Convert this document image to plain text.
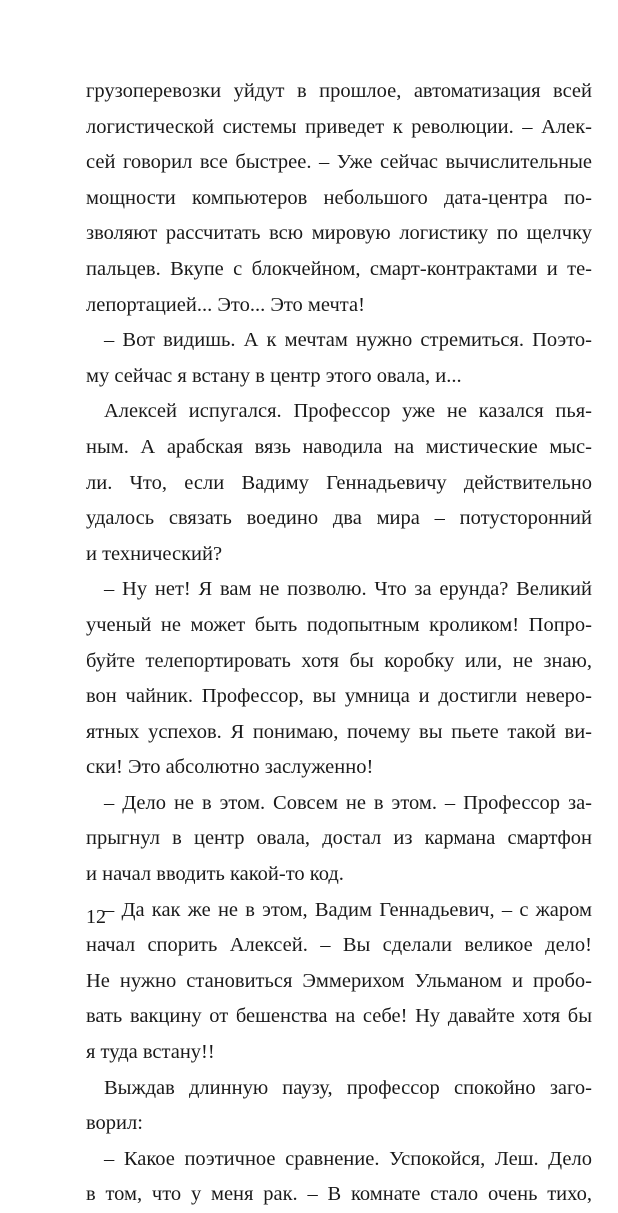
грузоперевозки уйдут в прошлое, автоматизация всей
логистической системы приведет к революции. – Алек-
сей говорил все быстрее. – Уже сейчас вычислительные
мощности компьютеров небольшого дата-центра по-
зволяют рассчитать всю мировую логистику по щелчку
пальцев. Вкупе с блокчейном, смарт-контрактами и те-
лепортацией... Это... Это мечта!
– Вот видишь. А к мечтам нужно стремиться. Поэто-
му сейчас я встану в центр этого овала, и...
Алексей испугался. Профессор уже не казался пья-
ным. А арабская вязь наводила на мистические мыс-
ли. Что, если Вадиму Геннадьевичу действительно
удалось связать воедино два мира – потусторонний
и технический?
– Ну нет! Я вам не позволю. Что за ерунда? Великий
ученый не может быть подопытным кроликом! Попро-
буйте телепортировать хотя бы коробку или, не знаю,
вон чайник. Профессор, вы умница и достигли неверо-
ятных успехов. Я понимаю, почему вы пьете такой ви-
ски! Это абсолютно заслуженно!
– Дело не в этом. Совсем не в этом. – Профессор за-
прыгнул в центр овала, достал из кармана смартфон
и начал вводить какой-то код.
– Да как же не в этом, Вадим Геннадьевич, – с жаром
начал спорить Алексей. – Вы сделали великое дело!
Не нужно становиться Эммерихом Ульманом и пробо-
вать вакцину от бешенства на себе! Ну давайте хотя бы
я туда встану!!
Выждав длинную паузу, профессор спокойно заго-
ворил:
– Какое поэтичное сравнение. Успокойся, Леш. Дело
в том, что у меня рак. – В комнате стало очень тихо,
12
